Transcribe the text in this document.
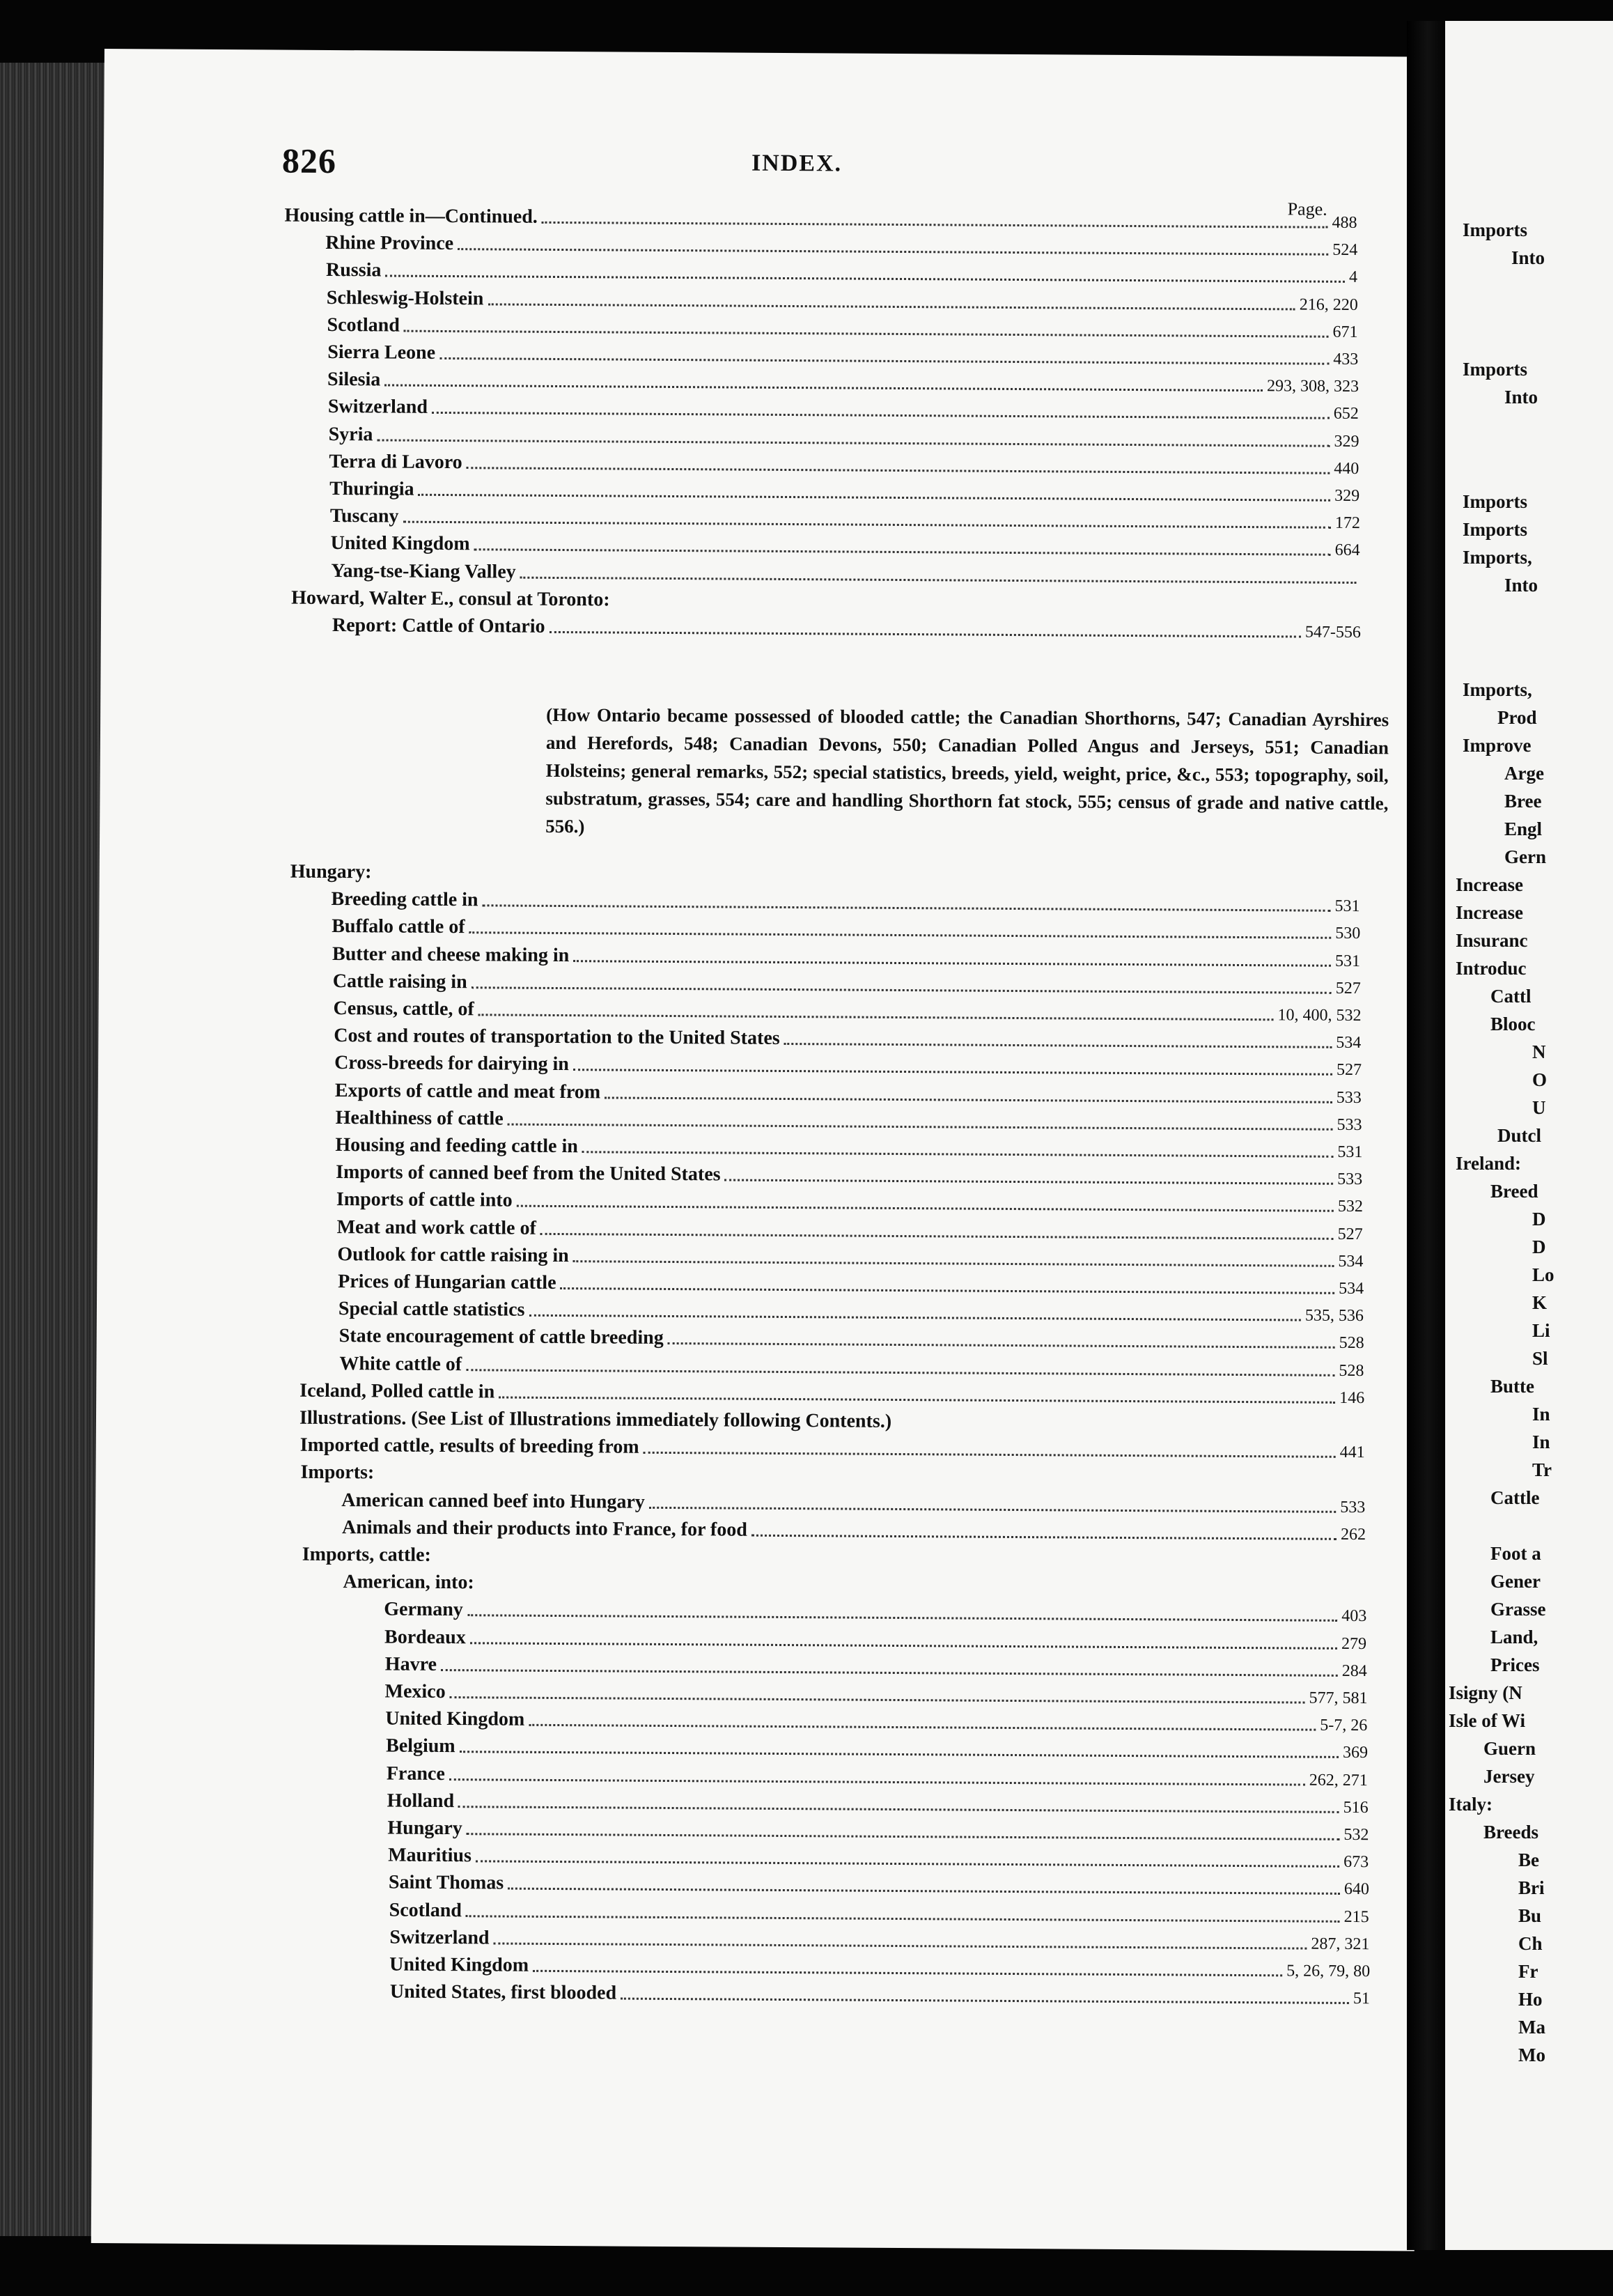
826	INDEX.
Page.
Housing cattle in—Continued.	488
Rhine Province	524
Russia	4
Schleswig-Holstein	216, 220
Scotland	671
Sierra Leone	433
Silesia	293, 308, 323
Switzerland	652
Syria	329
Terra di Lavoro	440
Thuringia	329
Tuscany	172
United Kingdom	664
Yang-tse-Kiang Valley
Howard, Walter E., consul at Toronto:
Report: Cattle of Ontario	547-556
Hungary:
Breeding cattle in	531
Buffalo cattle of	530
Butter and cheese making in	531
Cattle raising in	527
Census, cattle, of	10, 400, 532
Cost and routes of transportation to the United States	534
Cross-breeds for dairying in	527
Exports of cattle and meat from	533
Healthiness of cattle	533
Housing and feeding cattle in	531
Imports of canned beef from the United States	533
Imports of cattle into	532
Meat and work cattle of	527
Outlook for cattle raising in	534
Prices of Hungarian cattle	534
Special cattle statistics	535, 536
State encouragement of cattle breeding	528
White cattle of	528
Iceland, Polled cattle in	146
Illustrations. (See List of Illustrations immediately following Contents.)
Imported cattle, results of breeding from	441
Imports:
American canned beef into Hungary	533
Animals and their products into France, for food	262
Imports, cattle:
American, into:
Germany	403
Bordeaux	279
Havre	284
Mexico	577, 581
United Kingdom	5-7, 26
Belgium	369
France	262, 271
Holland	516
Hungary	532
Mauritius	673
Saint Thomas	640
Scotland	215
Switzerland	287, 321
United Kingdom	5, 26, 79, 80
United States, first blooded	51
(How Ontario became possessed of blooded cattle; the Canadian Shorthorns, 547; Canadian Ayrshires and Herefords, 548; Canadian Devons, 550; Canadian Polled Angus and Jerseys, 551; Canadian Holsteins; general remarks, 552; special statistics, breeds, yield, weight, price, &c., 553; topography, soil, substratum, grasses, 554; care and handling Shorthorn fat stock, 555; census of grade and native cattle, 556.)
Imports
Into
Imports
Into
Imports
Imports
Imports,
Into
Imports,
Prod
Improve
Arge
Bree
Engl
Gern
Increase
Increase
Insuranc
Introduc
Cattl
Blooc
N
O
U
Dutcl
Ireland:
Breed
D
D
Lo
K
Li
Sl
Butte
In
In
Tr
Cattle
Foot a
Gener
Grasse
Land,
Prices
Isigny (N
Isle of Wi
Guern
Jersey
Italy:
Breeds
Be
Bri
Bu
Ch
Fr
Ho
Ma
Mo
